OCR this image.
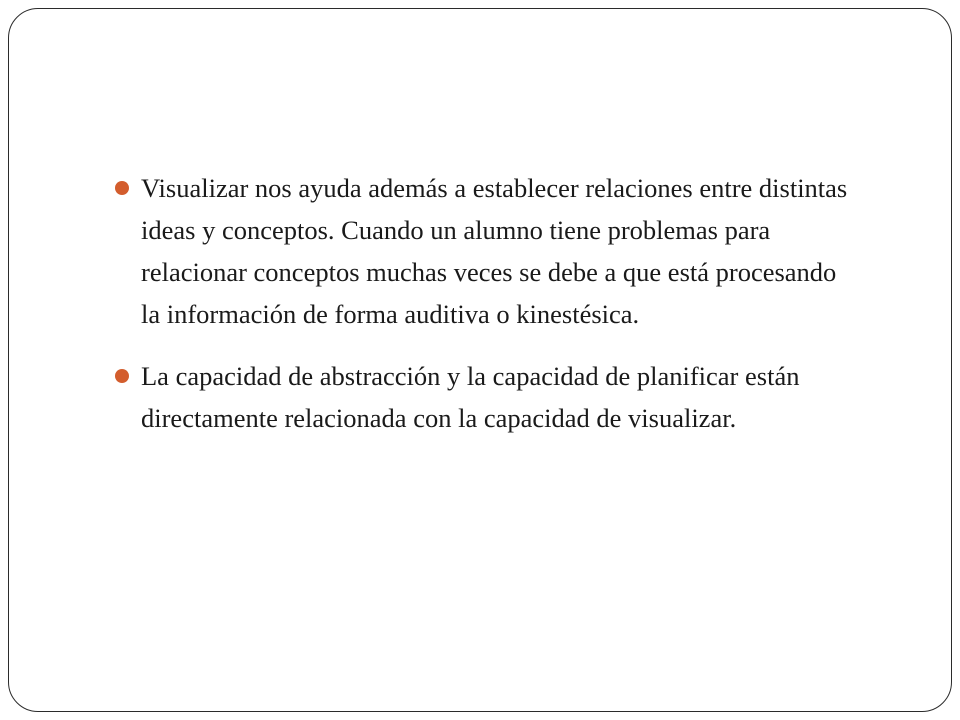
Visualizar nos ayuda además a establecer relaciones entre distintas ideas y conceptos. Cuando un alumno tiene problemas para relacionar conceptos muchas veces se debe a que está procesando la información de forma auditiva o kinestésica.
La capacidad de abstracción y la capacidad de planificar están directamente relacionada con la capacidad de visualizar.
